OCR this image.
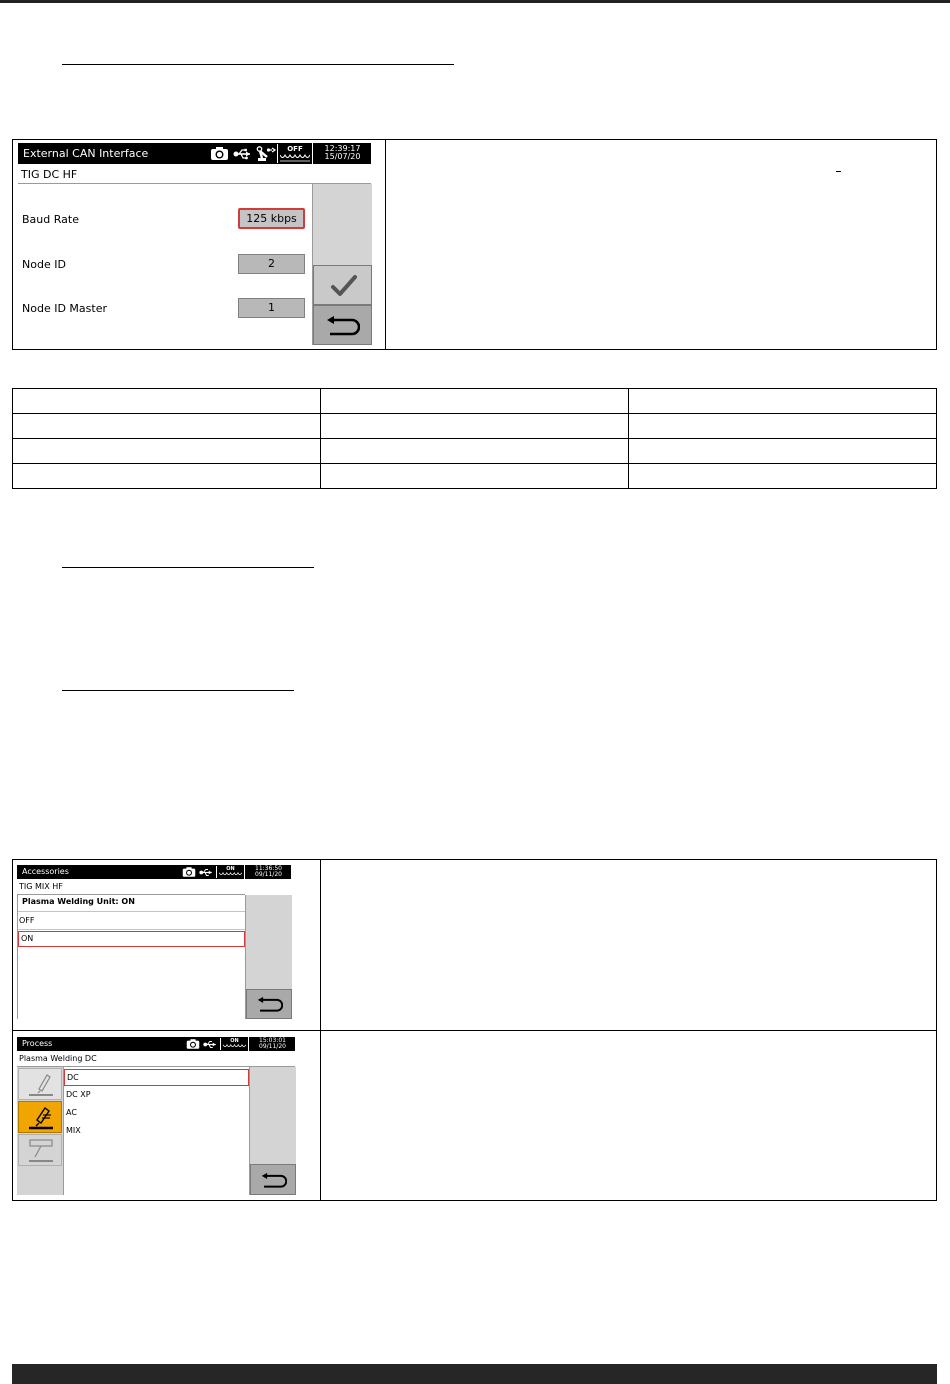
External CAN Interface	OFF	12:39:17
15/07/20
TIG DC HF
Baud Rate	125 kbps
Node ID	2
Node ID Master	1
Accessories	ON	11:36:50
09/11/20
TIG MIX HF
Plasma Welding Unit: ON
OFF
ON
Process	ON	15:03:01
09/11/20
Plasma Welding DC
DC
DC XP
AC
MIX
